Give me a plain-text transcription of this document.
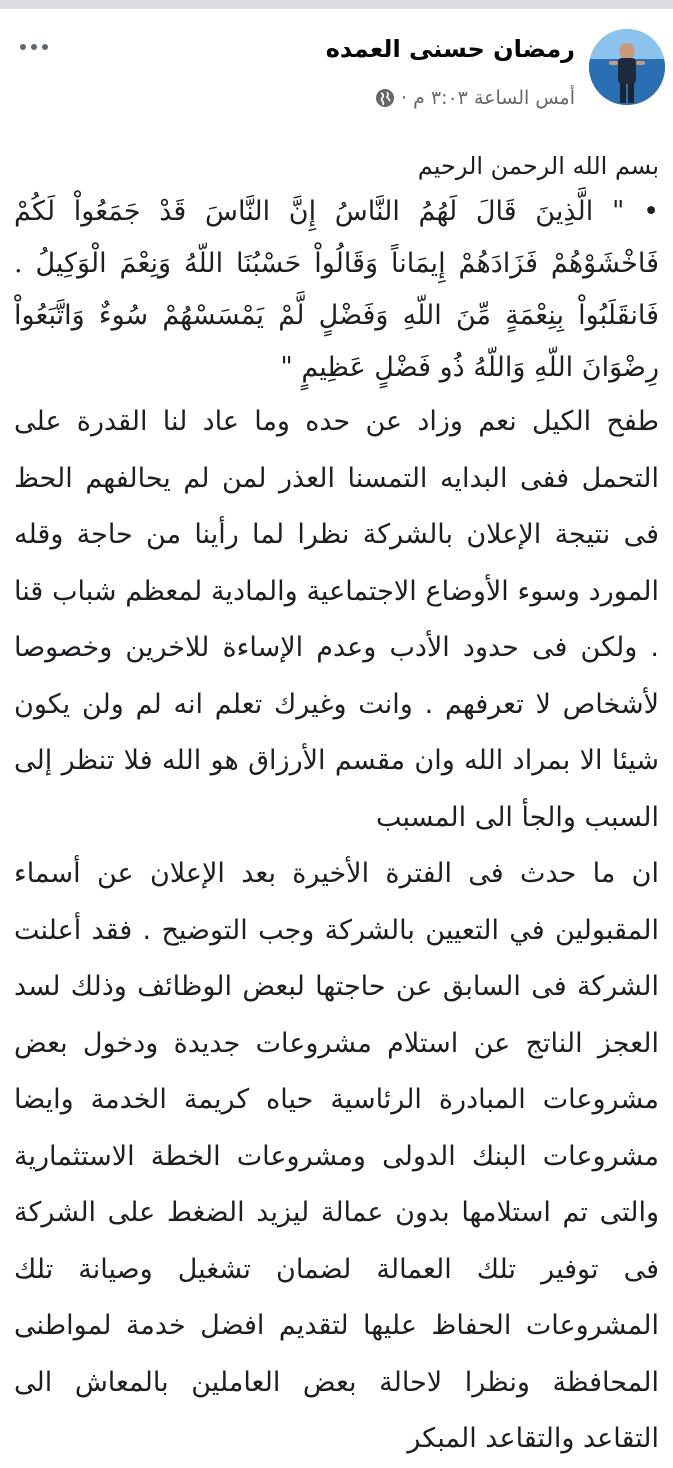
رمضان حسنى العمده
أمس الساعة ٣:٠٣ م
·

بسم الله الرحمن الرحيم

• " الَّذِينَ قَالَ لَهُمُ النَّاسُ إِنَّ النَّاسَ قَدْ جَمَعُواْ لَكُمْ فَاخْشَوْهُمْ فَزَادَهُمْ إِيمَاناً وَقَالُواْ حَسْبُنَا اللّهُ وَنِعْمَ الْوَكِيلُ . فَانقَلَبُواْ بِنِعْمَةٍ مِّنَ اللّهِ وَفَضْلٍ لَّمْ يَمْسَسْهُمْ سُوءٌ وَاتَّبَعُواْ رِضْوَانَ اللّهِ وَاللّهُ ذُو فَضْلٍ عَظِيمٍ "

طفح الكيل نعم وزاد عن حده وما عاد لنا القدرة على التحمل ففى البدايه التمسنا العذر لمن لم يحالفهم الحظ فى نتيجة الإعلان بالشركة نظرا لما رأينا من حاجة وقله المورد وسوء الأوضاع الاجتماعية والمادية لمعظم شباب قنا . ولكن فى حدود الأدب وعدم الإساءة للاخرين وخصوصا لأشخاص لا تعرفهم . وانت وغيرك تعلم انه لم ولن يكون شيئا الا بمراد الله وان مقسم الأرزاق هو الله فلا تنظر إلى السبب والجأ الى المسبب

ان ما حدث فى الفترة الأخيرة بعد الإعلان عن أسماء المقبولين في التعيين بالشركة وجب التوضيح . فقد أعلنت الشركة فى السابق عن حاجتها لبعض الوظائف وذلك لسد العجز الناتج عن استلام مشروعات جديدة ودخول بعض مشروعات المبادرة الرئاسية حياه كريمة الخدمة وايضا مشروعات البنك الدولى ومشروعات الخطة الاستثمارية والتى تم استلامها بدون عمالة ليزيد الضغط على الشركة فى توفير تلك العمالة لضمان تشغيل وصيانة تلك المشروعات الحفاظ عليها لتقديم افضل خدمة لمواطنى المحافظة ونظرا لاحالة بعض العاملين بالمعاش الى التقاعد والتقاعد المبكر
